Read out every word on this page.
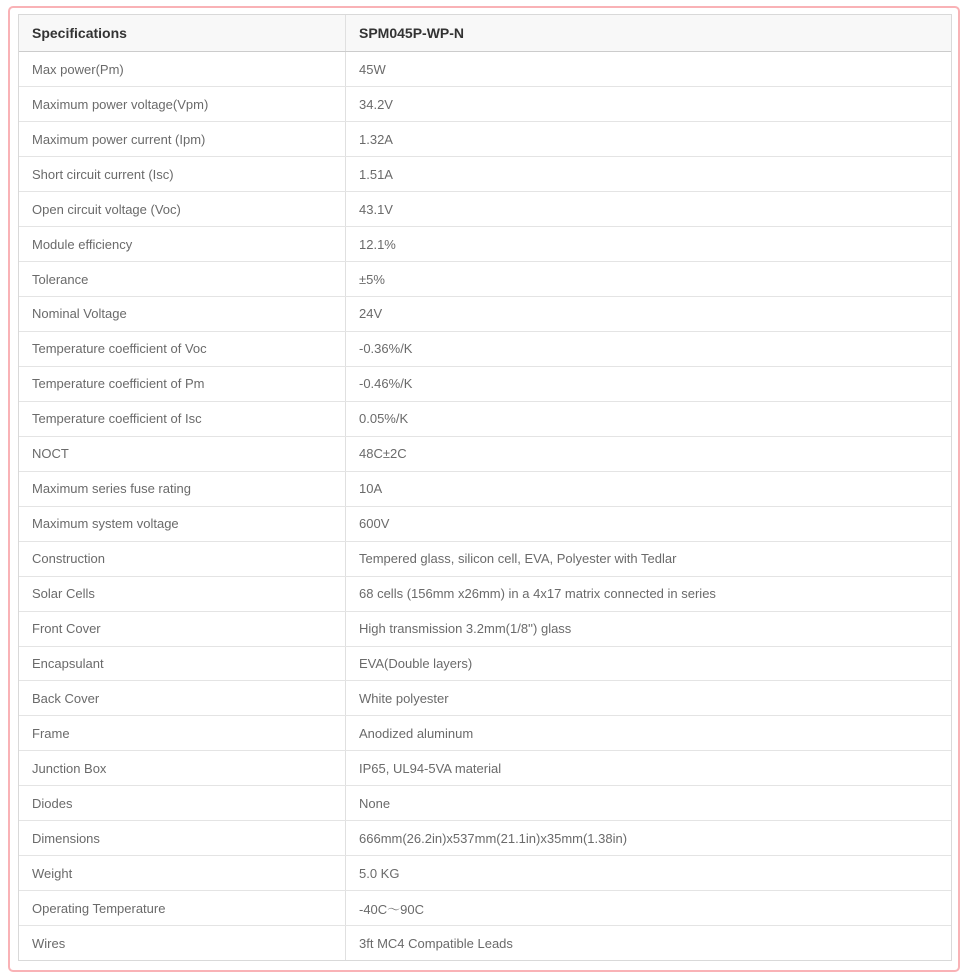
Specifications	SPM045P-WP-N
Max power(Pm)	45W
Maximum power voltage(Vpm)	34.2V
Maximum power current (Ipm)	1.32A
Short circuit current (Isc)	1.51A
Open circuit voltage (Voc)	43.1V
Module efficiency	12.1%
Tolerance	±5%
Nominal Voltage	24V
Temperature coefficient of Voc	-0.36%/K
Temperature coefficient of Pm	-0.46%/K
Temperature coefficient of Isc	0.05%/K
NOCT	48C±2C
Maximum series fuse rating	10A
Maximum system voltage	600V
Construction	Tempered glass, silicon cell, EVA, Polyester with Tedlar
Solar Cells	68 cells (156mm x26mm) in a 4x17 matrix connected in series
Front Cover	High transmission 3.2mm(1/8'') glass
Encapsulant	EVA(Double layers)
Back Cover	White polyester
Frame	Anodized aluminum
Junction Box	IP65, UL94-5VA material
Diodes	None
Dimensions	666mm(26.2in)x537mm(21.1in)x35mm(1.38in)
Weight	5.0 KG
Operating Temperature	-40C～90C
Wires	3ft MC4 Compatible Leads
